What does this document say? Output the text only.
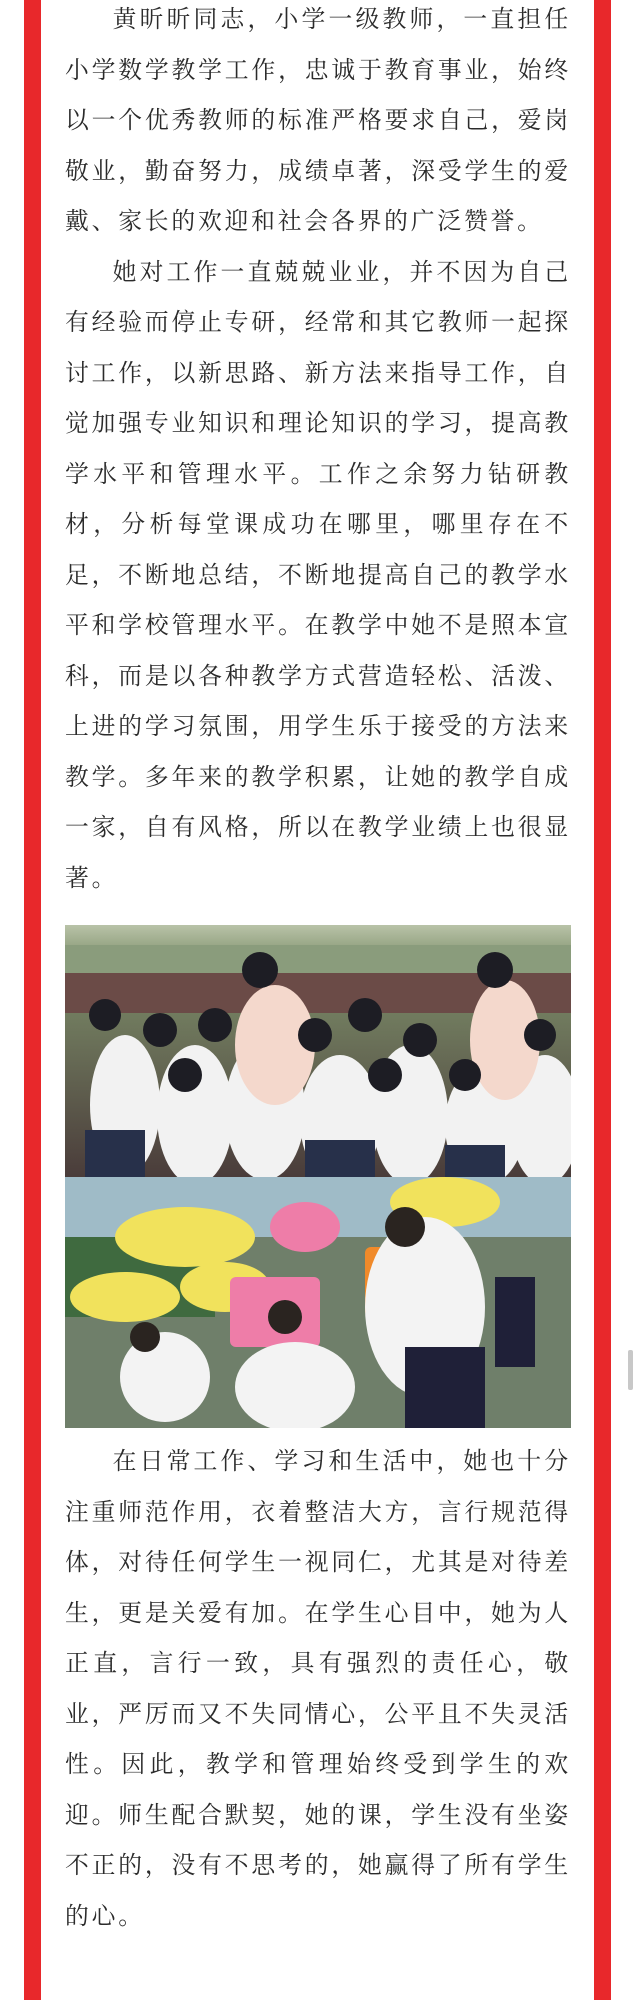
黄昕昕同志，小学一级教师，一直担任小学数学教学工作，忠诚于教育事业，始终以一个优秀教师的标准严格要求自己，爱岗敬业，勤奋努力，成绩卓著，深受学生的爱戴、家长的欢迎和社会各界的广泛赞誉。

她对工作一直兢兢业业，并不因为自己有经验而停止专研，经常和其它教师一起探讨工作，以新思路、新方法来指导工作，自觉加强专业知识和理论知识的学习，提高教学水平和管理水平。工作之余努力钻研教材，分析每堂课成功在哪里，哪里存在不足，不断地总结，不断地提高自己的教学水平和学校管理水平。在教学中她不是照本宣科，而是以各种教学方式营造轻松、活泼、上进的学习氛围，用学生乐于接受的方法来教学。多年来的教学积累，让她的教学自成一家，自有风格，所以在教学业绩上也很显著。

在日常工作、学习和生活中，她也十分注重师范作用，衣着整洁大方，言行规范得体，对待任何学生一视同仁，尤其是对待差生，更是关爱有加。在学生心目中，她为人正直，言行一致，具有强烈的责任心，敬业，严厉而又不失同情心，公平且不失灵活性。因此，教学和管理始终受到学生的欢迎。师生配合默契，她的课，学生没有坐姿不正的，没有不思考的，她赢得了所有学生的心。
